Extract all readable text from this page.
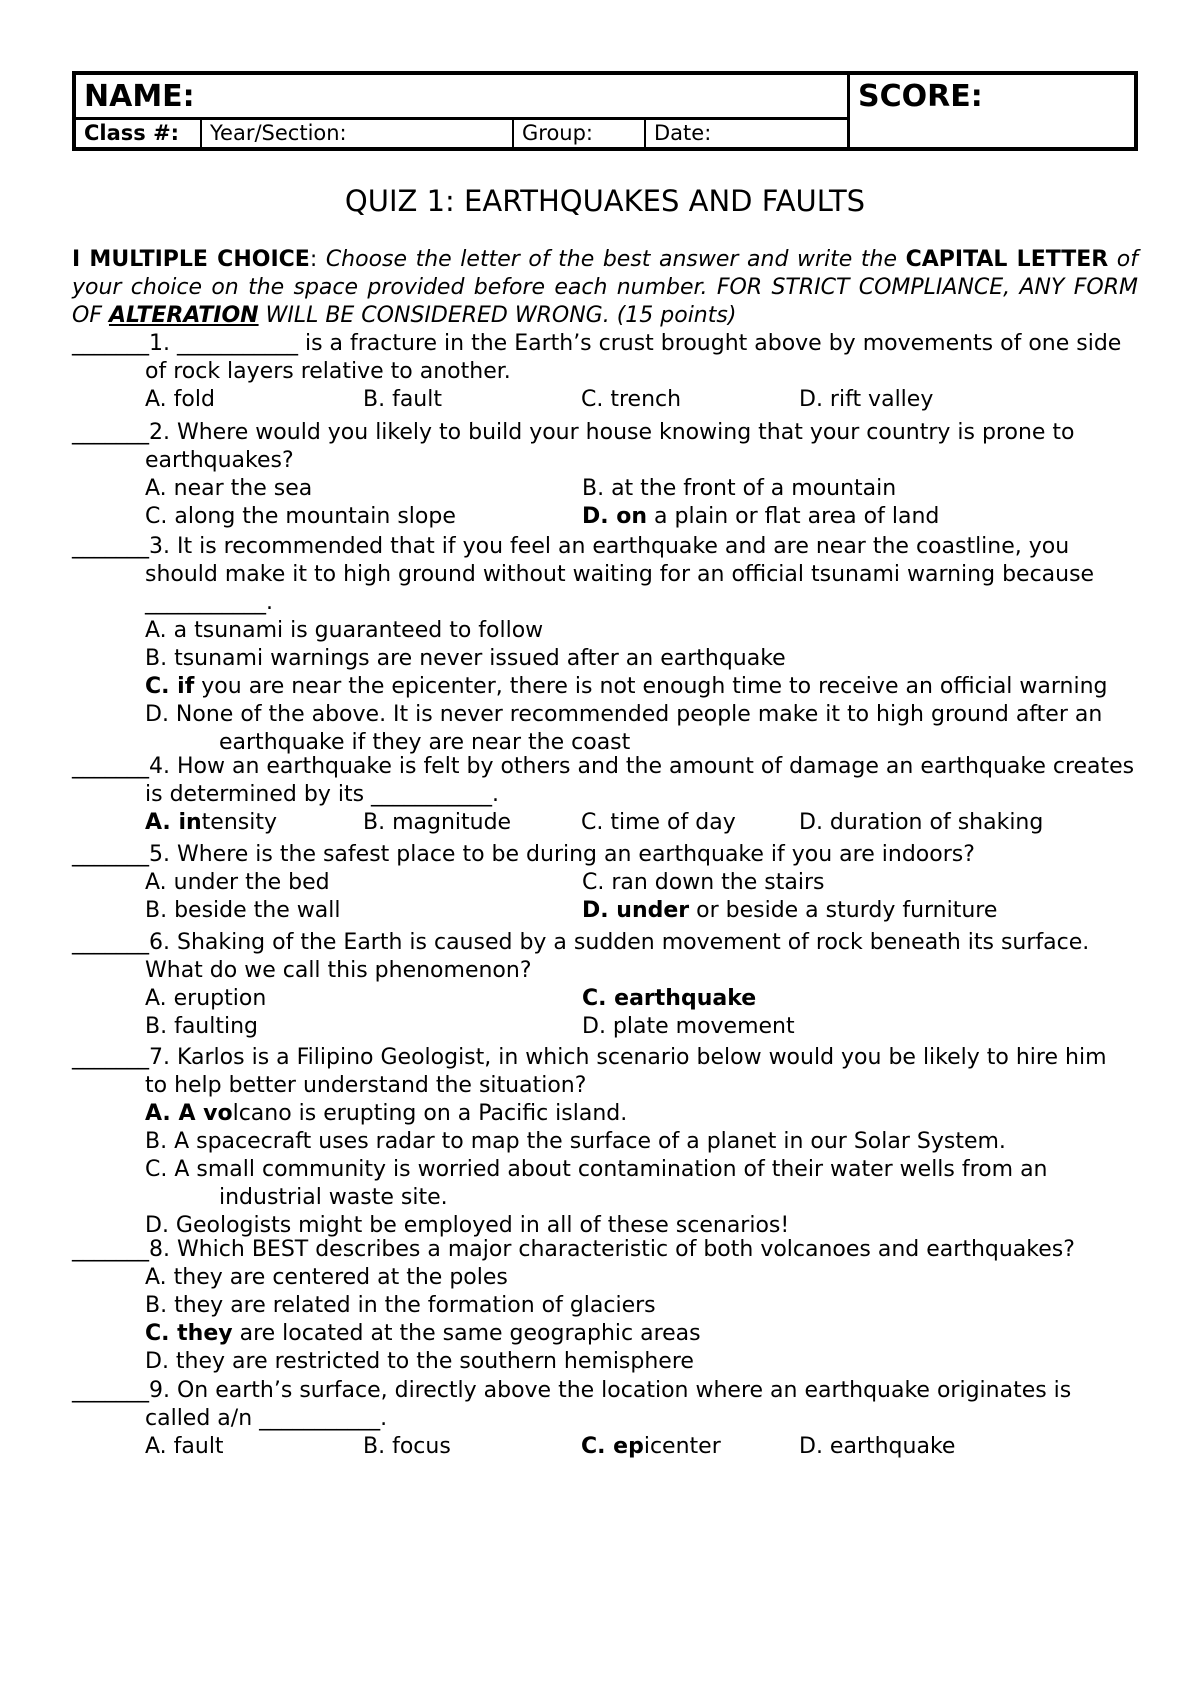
NAME:	SCORE:
Class #:	Year/Section:	Group:	Date:
QUIZ 1: EARTHQUAKES AND FAULTS
I MULTIPLE CHOICE: Choose the letter of the best answer and write the CAPITAL LETTER of your choice on the space provided before each number. FOR STRICT COMPLIANCE, ANY FORM OF ALTERATION WILL BE CONSIDERED WRONG. (15 points)
_______1. ___________ is a fracture in the Earth’s crust brought above by movements of one side
of rock layers relative to another.
A. fold	B. fault	C. trench	D. rift valley
_______2. Where would you likely to build your house knowing that your country is prone to
earthquakes?
A. near the sea	B. at the front of a mountain
C. along the mountain slope	D. on a plain or flat area of land
_______3. It is recommended that if you feel an earthquake and are near the coastline, you
should make it to high ground without waiting for an official tsunami warning because
___________.
A. a tsunami is guaranteed to follow
B. tsunami warnings are never issued after an earthquake
C. if you are near the epicenter, there is not enough time to receive an official warning
D. None of the above. It is never recommended people make it to high ground after an
earthquake if they are near the coast
_______4. How an earthquake is felt by others and the amount of damage an earthquake creates
is determined by its ___________.
A. intensity	B. magnitude	C. time of day	D. duration of shaking
_______5. Where is the safest place to be during an earthquake if you are indoors?
A. under the bed	C. ran down the stairs
B. beside the wall	D. under or beside a sturdy furniture
_______6. Shaking of the Earth is caused by a sudden movement of rock beneath its surface.
What do we call this phenomenon?
A. eruption	C. earthquake
B. faulting	D. plate movement
_______7. Karlos is a Filipino Geologist, in which scenario below would you be likely to hire him
to help better understand the situation?
A. A volcano is erupting on a Pacific island.
B. A spacecraft uses radar to map the surface of a planet in our Solar System.
C. A small community is worried about contamination of their water wells from an
industrial waste site.
D. Geologists might be employed in all of these scenarios!
_______8. Which BEST describes a major characteristic of both volcanoes and earthquakes?
A. they are centered at the poles
B. they are related in the formation of glaciers
C. they are located at the same geographic areas
D. they are restricted to the southern hemisphere
_______9. On earth’s surface, directly above the location where an earthquake originates is
called a/n ___________.
A. fault	B. focus	C. epicenter	D. earthquake
